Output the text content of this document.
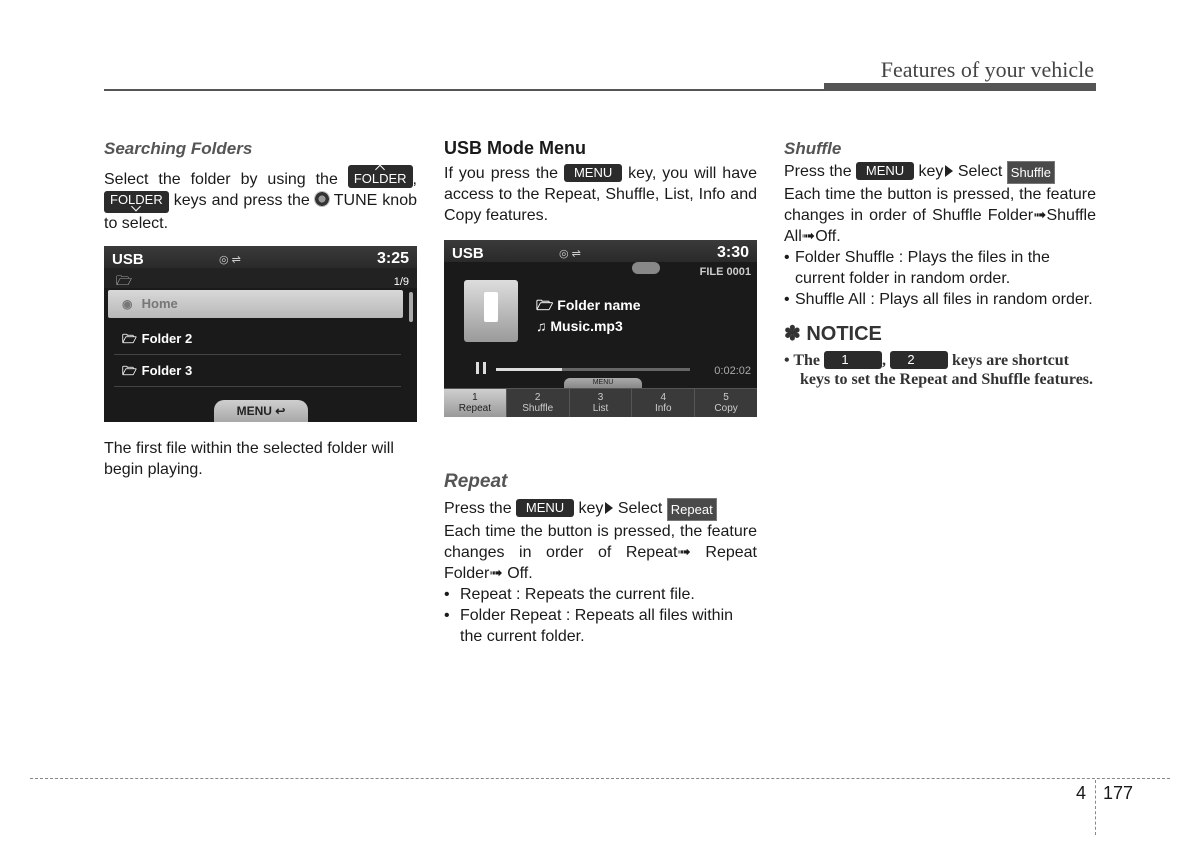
Features of your vehicle
Searching Folders
Select the folder by using the FOLDER , FOLDER keys and press the TUNE knob to select.
USB	◎ ⇌	3:25
🗁	1/9
◉ Home
🗁 Folder 2
🗁 Folder 3
MENU ↩
The first file within the selected folder will begin playing.
USB Mode Menu
If you press the MENU key, you will have access to the Repeat, Shuffle, List, Info and Copy features.
USB	◎ ⇌	3:30
FILE 0001
🗁 Folder name
♫ Music.mp3
0:02:02
MENU
1
Repeat
2
Shuffle
3
List
4
Info
5
Copy
Repeat
Press the MENU key Select Repeat
Each time the button is pressed, the feature changes in order of Repeat➟ Repeat Folder➟ Off.
• Repeat : Repeats the current file.
• Folder Repeat : Repeats all files within the current folder.
Shuffle
Press the MENU key Select Shuffle
Each time the button is pressed, the feature changes in order of Shuffle Folder➟Shuffle All➟Off.
• Folder Shuffle : Plays the files in the current folder in random order.
• Shuffle All : Plays all files in random order.
✽ NOTICE
• The 1 , 2 keys are shortcut keys to set the Repeat and Shuffle features.
4 177
